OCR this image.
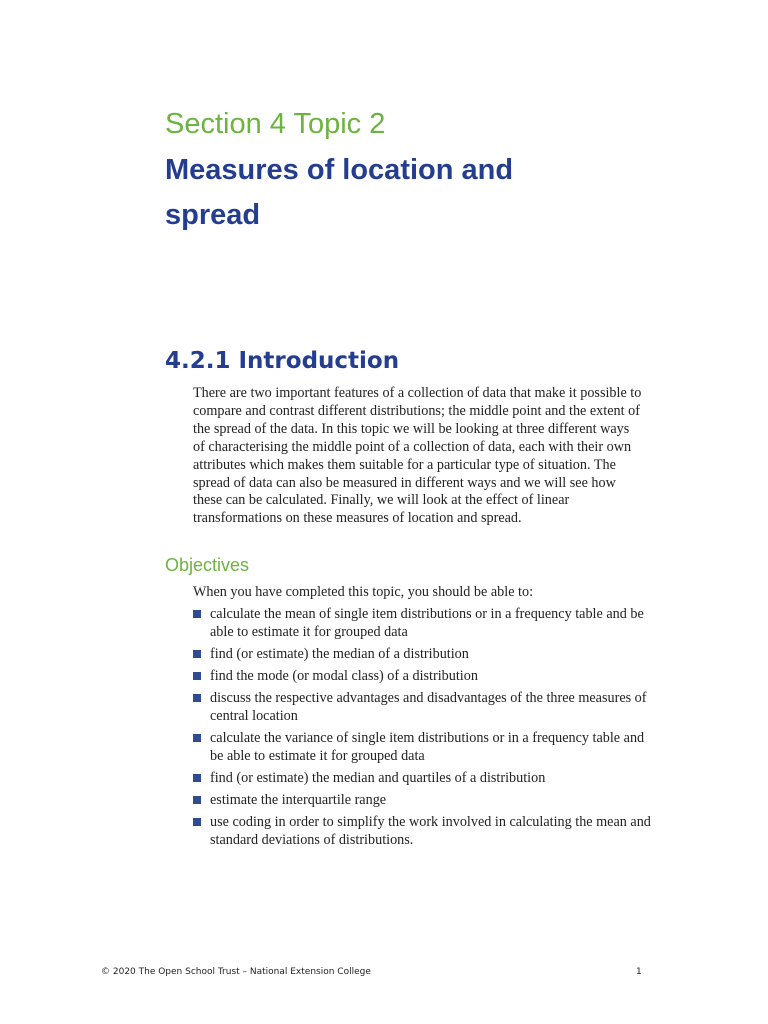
Section 4 Topic 2
Measures of location and spread
4.2.1 Introduction

There are two important features of a collection of data that make it possible to compare and contrast different distributions; the middle point and the extent of the spread of the data. In this topic we will be looking at three different ways of characterising the middle point of a collection of data, each with their own attributes which makes them suitable for a particular type of situation. The spread of data can also be measured in different ways and we will see how these can be calculated. Finally, we will look at the effect of linear transformations on these measures of location and spread.

Objectives

When you have completed this topic, you should be able to:

calculate the mean of single item distributions or in a frequency table and be able to estimate it for grouped data
find (or estimate) the median of a distribution
find the mode (or modal class) of a distribution
discuss the respective advantages and disadvantages of the three measures of central location
calculate the variance of single item distributions or in a frequency table and be able to estimate it for grouped data
find (or estimate) the median and quartiles of a distribution
estimate the interquartile range
use coding in order to simplify the work involved in calculating the mean and standard deviations of distributions.

© 2020 The Open School Trust – National Extension College	1
